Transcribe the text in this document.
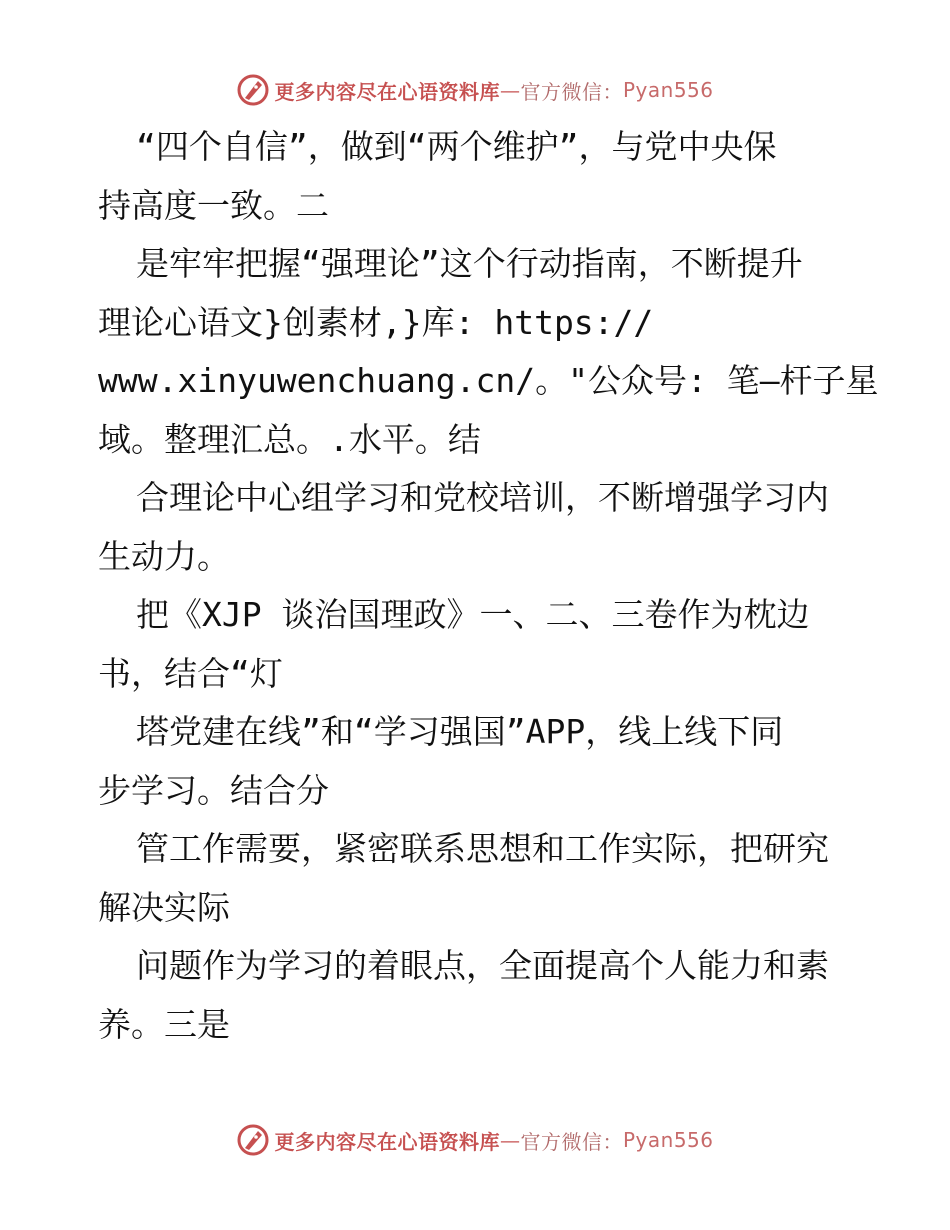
更多内容尽在心语资料库 — 官方微信： Pyan556
“四个自信”，做到“两个维护”，与党中央保
持高度一致。二
是牢牢把握“强理论”这个行动指南，不断提升
理论心语文}创素材,}库: https://
www.xinyuwenchuang.cn/。"公众号: 笔—杆子星
域。整理汇总。.水平。结
合理论中心组学习和党校培训，不断增强学习内
生动力。
把《XJP 谈治国理政》一、二、三卷作为枕边
书，结合“灯
塔党建在线”和“学习强国”APP，线上线下同
步学习。结合分
管工作需要，紧密联系思想和工作实际，把研究
解决实际
问题作为学习的着眼点，全面提高个人能力和素
养。三是
更多内容尽在心语资料库 — 官方微信： Pyan556
